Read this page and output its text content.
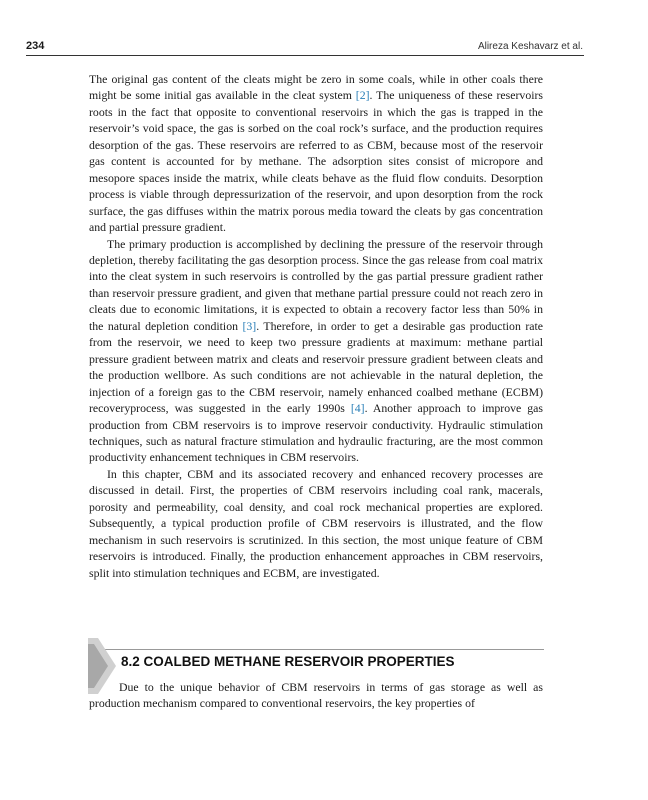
234	Alireza Keshavarz et al.

The original gas content of the cleats might be zero in some coals, while in other coals there might be some initial gas available in the cleat system [2]. The uniqueness of these reservoirs roots in the fact that opposite to conventional reservoirs in which the gas is trapped in the reservoir’s void space, the gas is sorbed on the coal rock’s surface, and the production requires desorption of the gas. These reservoirs are referred to as CBM, because most of the reservoir gas content is accounted for by methane. The adsorption sites consist of micropore and mesopore spaces inside the matrix, while cleats behave as the fluid flow conduits. Desorption process is viable through depressurization of the reservoir, and upon desorption from the rock surface, the gas diffuses within the matrix porous media toward the cleats by gas concentration and partial pressure gradient.

The primary production is accomplished by declining the pressure of the reservoir through depletion, thereby facilitating the gas desorption process. Since the gas release from coal matrix into the cleat system in such reservoirs is controlled by the gas partial pressure gradient rather than reservoir pressure gradient, and given that methane partial pressure could not reach zero in cleats due to economic limitations, it is expected to obtain a recovery factor less than 50% in the natural depletion condition [3]. Therefore, in order to get a desirable gas production rate from the reservoir, we need to keep two pressure gradients at maximum: methane partial pressure gradient between matrix and cleats and reservoir pressure gradient between cleats and the production wellbore. As such conditions are not achievable in the natural depletion, the injection of a foreign gas to the CBM reservoir, namely enhanced coalbed methane (ECBM) recoveryprocess, was suggested in the early 1990s [4]. Another approach to improve gas production from CBM reservoirs is to improve reservoir conductivity. Hydraulic stimulation techniques, such as natural fracture stimulation and hydraulic fracturing, are the most common productivity enhancement techniques in CBM reservoirs.

In this chapter, CBM and its associated recovery and enhanced recovery processes are discussed in detail. First, the properties of CBM reservoirs including coal rank, macerals, porosity and permeability, coal density, and coal rock mechanical properties are explored. Subsequently, a typical production profile of CBM reservoirs is illustrated, and the flow mechanism in such reservoirs is scrutinized. In this section, the most unique feature of CBM reservoirs is introduced. Finally, the production enhancement approaches in CBM reservoirs, split into stimulation techniques and ECBM, are investigated.

8.2 COALBED METHANE RESERVOIR PROPERTIES

Due to the unique behavior of CBM reservoirs in terms of gas storage as well as production mechanism compared to conventional reservoirs, the key properties of
